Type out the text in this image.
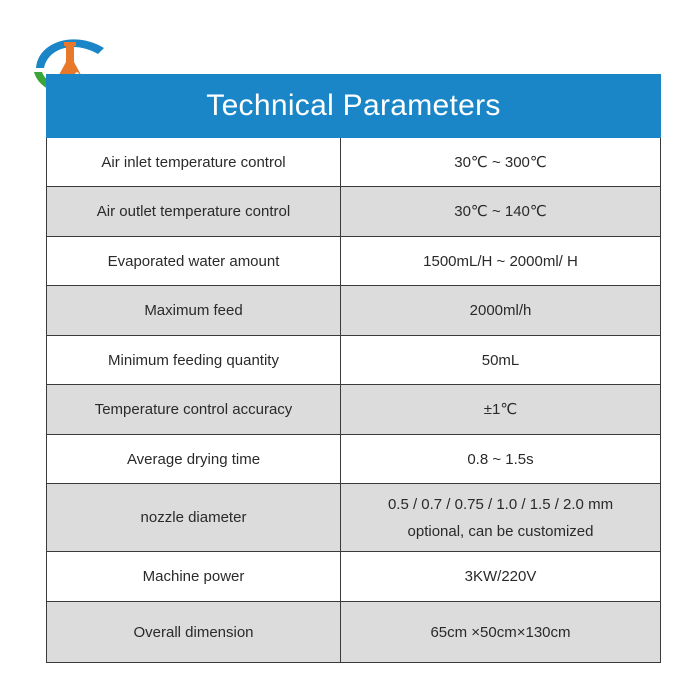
Technical Parameters	
Air inlet temperature control	30℃ ~ 300℃
Air outlet temperature control	30℃ ~ 140℃
Evaporated water amount	1500mL/H ~ 2000ml/ H
Maximum feed	2000ml/h
Minimum feeding quantity	50mL
Temperature control accuracy	±1℃
Average drying time	0.8 ~ 1.5s
nozzle diameter	0.5 / 0.7 / 0.75 / 1.0 / 1.5 / 2.0 mm
optional, can be customized

Machine power	3KW/220V
Overall dimension	65cm ×50cm×130cm
